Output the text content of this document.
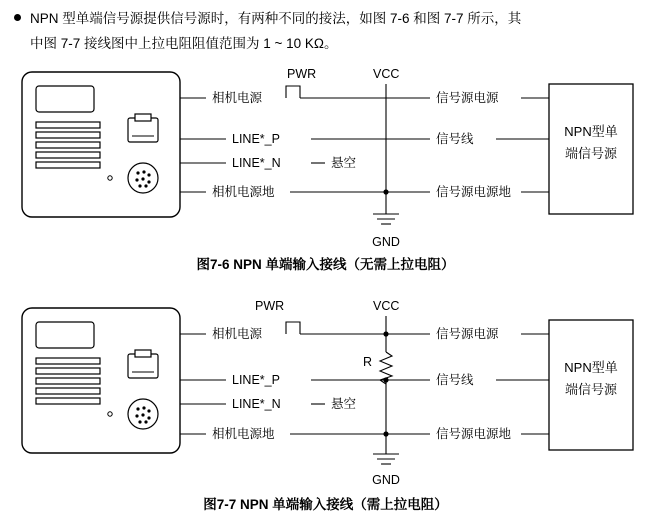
NPN 型单端信号源提供信号源时，有两种不同的接法，如图 7-6 和图 7-7 所示，其
中图 7-7 接线图中上拉电阻阻值范围为 1 ~ 10 KΩ。
NPN型单
端信号源
相机电源
PWR
信号源电源
LINE*_P	信号线
LINE*_N	悬空
相机电源地	信号源电源地
VCC
GND
图7-6 NPN 单端输入接线（无需上拉电阻）
NPN型单
端信号源
相机电源
PWR
信号源电源
LINE*_P	信号线
LINE*_N	悬空
相机电源地	信号源电源地
VCC
R
GND
图7-7 NPN 单端输入接线（需上拉电阻）
